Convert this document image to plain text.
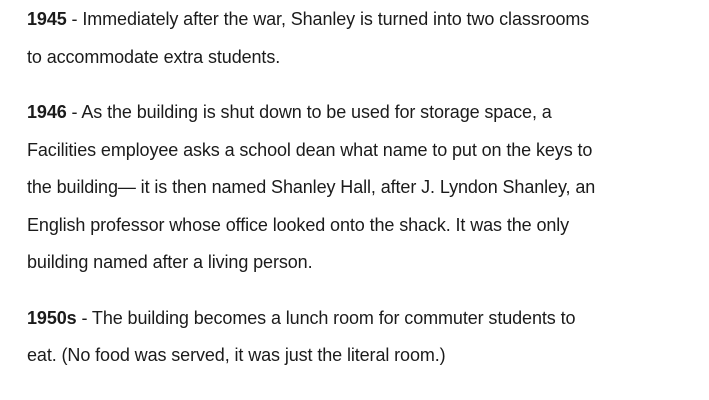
1945 - Immediately after the war, Shanley is turned into two classrooms
to accommodate extra students.

1946 - As the building is shut down to be used for storage space, a
Facilities employee asks a school dean what name to put on the keys to
the building— it is then named Shanley Hall, after J. Lyndon Shanley, an
English professor whose office looked onto the shack. It was the only
building named after a living person.

1950s - The building becomes a lunch room for commuter students to
eat. (No food was served, it was just the literal room.)
